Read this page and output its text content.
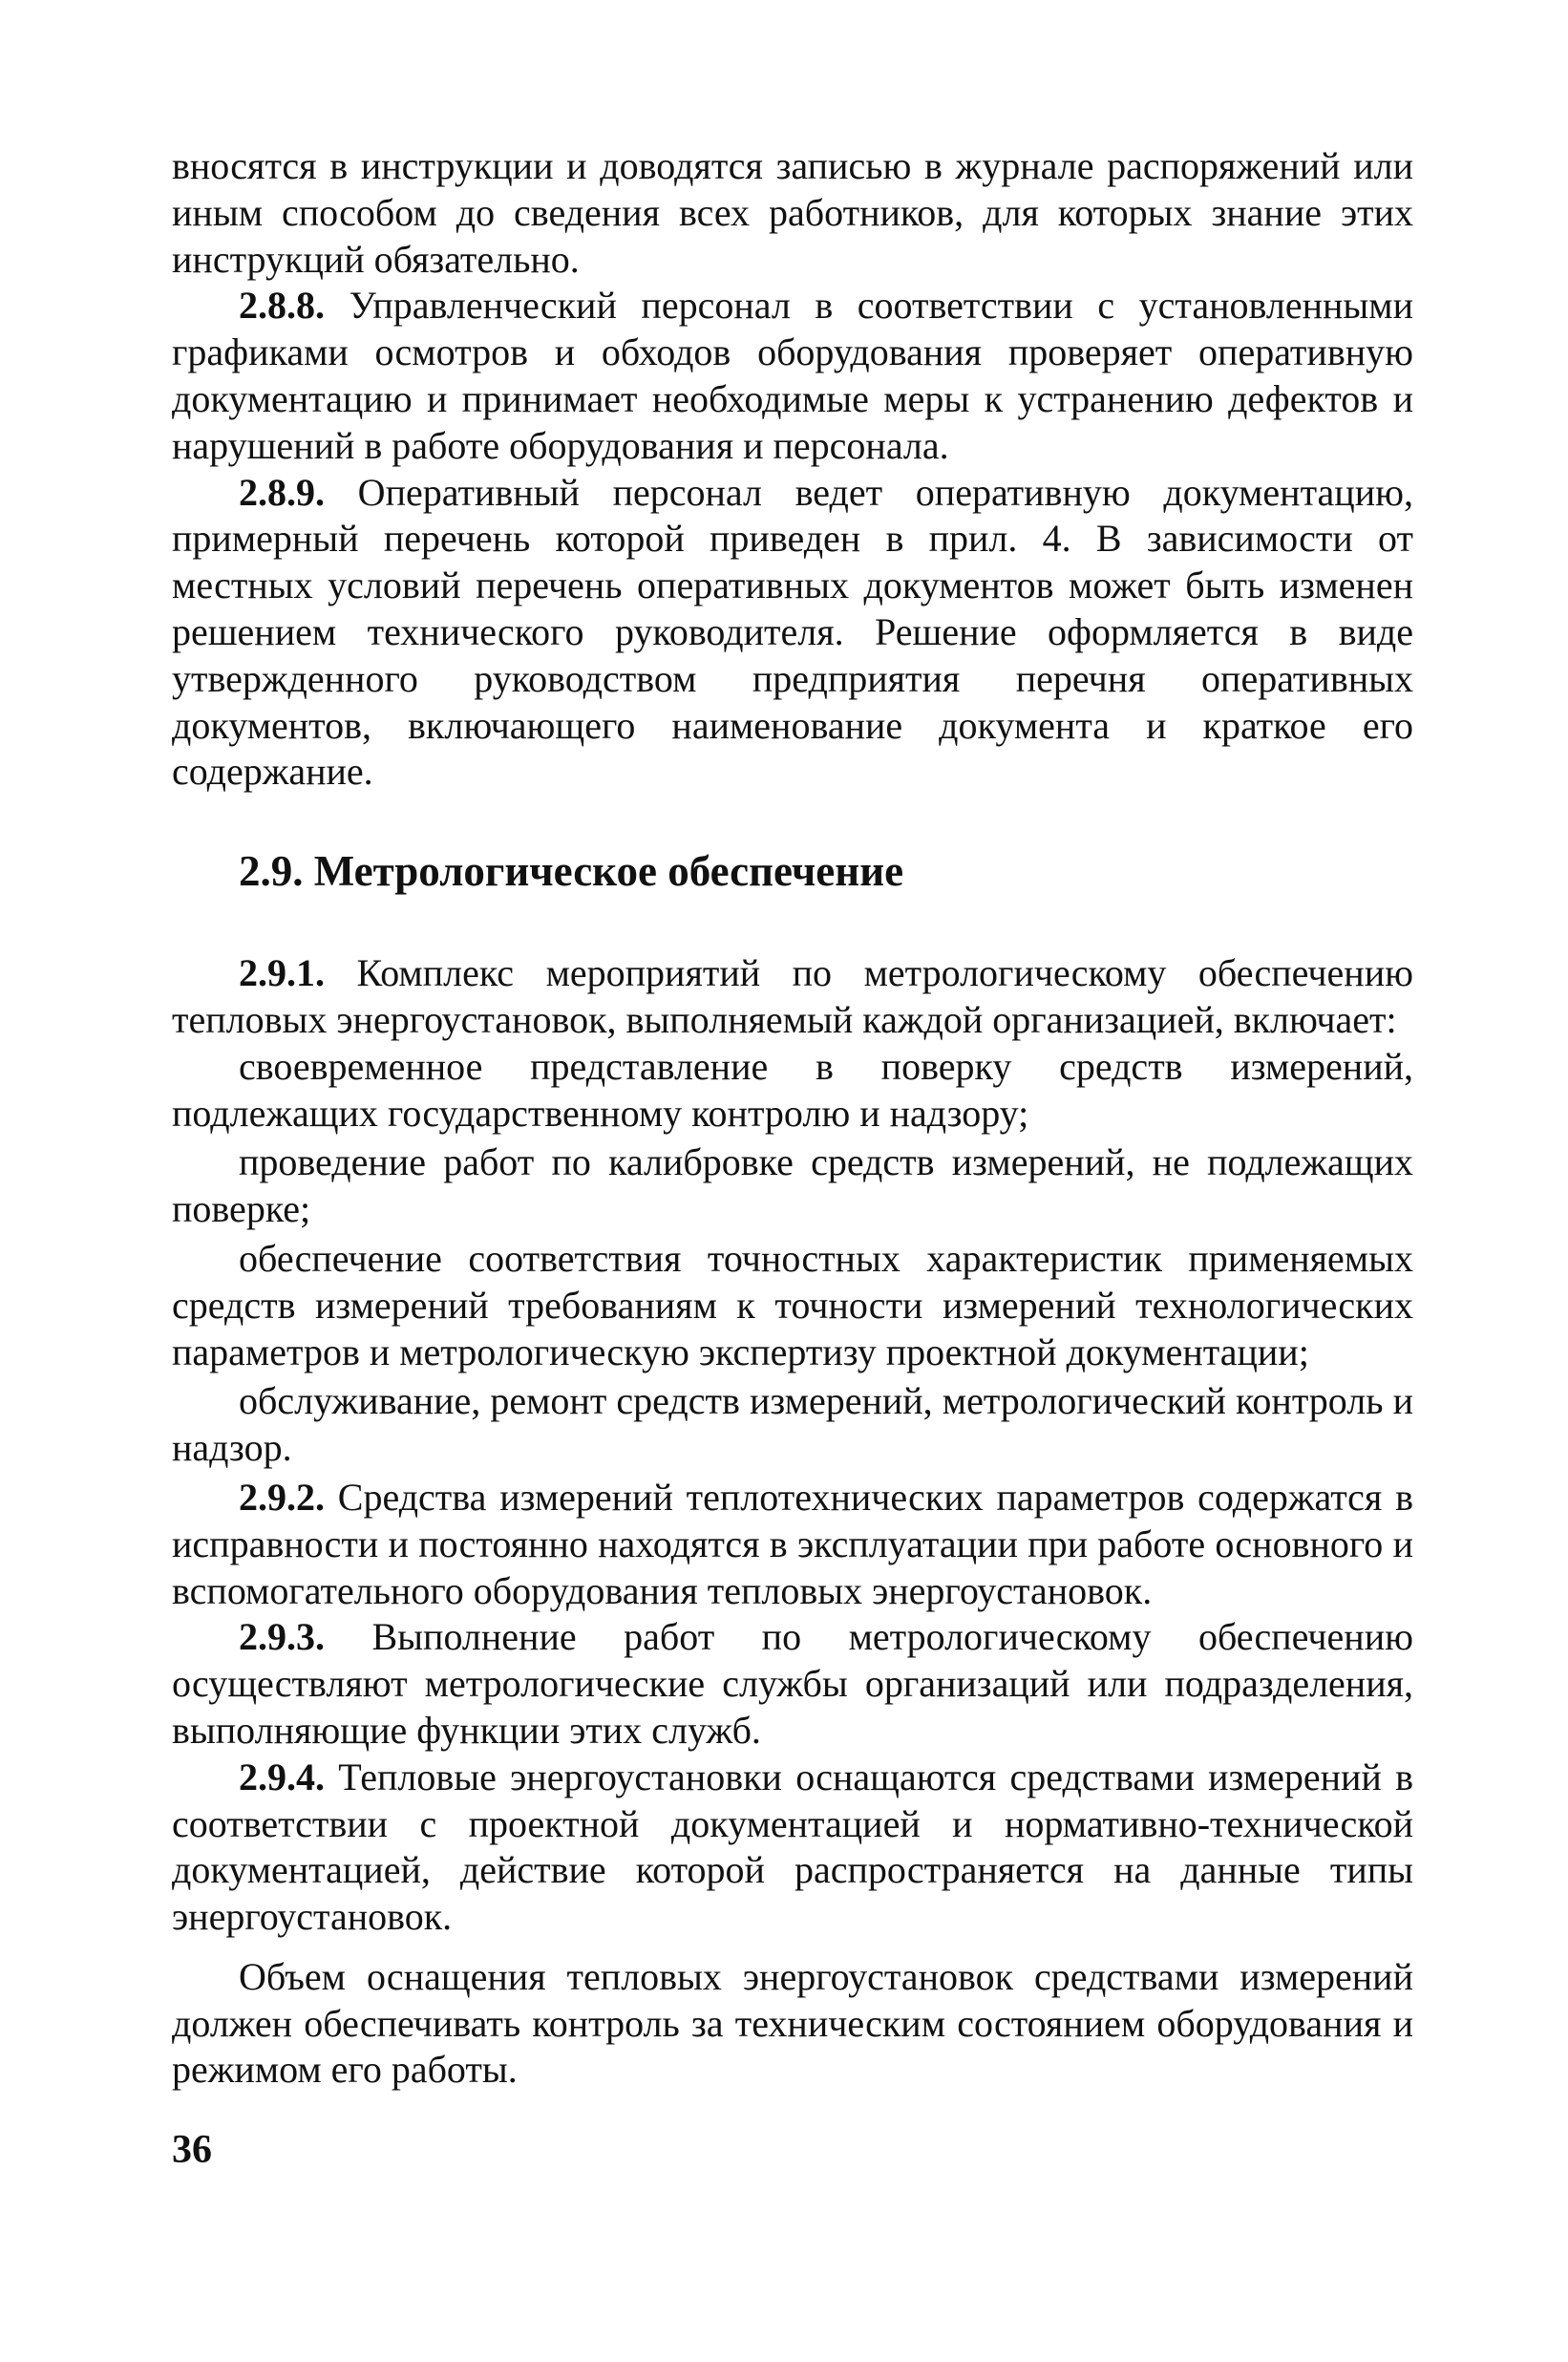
вносятся в инструкции и доводятся записью в журнале распоряжений или иным способом до сведения всех работников, для которых знание этих инструкций обязательно.

2.8.8. Управленческий персонал в соответствии с установленными графиками осмотров и обходов оборудования проверяет оперативную документацию и принимает необходимые меры к устранению дефектов и нарушений в работе оборудования и персонала.

2.8.9. Оперативный персонал ведет оперативную документацию, примерный перечень которой приведен в прил. 4. В зависимости от местных условий перечень оперативных документов может быть изменен решением технического руководителя. Решение оформляется в виде утвержденного руководством предприятия перечня оперативных документов, включающего наименование документа и краткое его содержание.

2.9. Метрологическое обеспечение

2.9.1. Комплекс мероприятий по метрологическому обеспечению тепловых энергоустановок, выполняемый каждой организацией, включает:

своевременное представление в поверку средств измерений, подлежащих государственному контролю и надзору;

проведение работ по калибровке средств измерений, не подлежащих поверке;

обеспечение соответствия точностных характеристик применяемых средств измерений требованиям к точности измерений технологических параметров и метрологическую экспертизу проектной документации;

обслуживание, ремонт средств измерений, метрологический контроль и надзор.

2.9.2. Средства измерений теплотехнических параметров содержатся в исправности и постоянно находятся в эксплуатации при работе основного и вспомогательного оборудования тепловых энергоустановок.

2.9.3. Выполнение работ по метрологическому обеспечению осуществляют метрологические службы организаций или подразделения, выполняющие функции этих служб.

2.9.4. Тепловые энергоустановки оснащаются средствами измерений в соответствии с проектной документацией и нормативно-технической документацией, действие которой распространяется на данные типы энергоустановок.

Объем оснащения тепловых энергоустановок средствами измерений должен обеспечивать контроль за техническим состоянием оборудования и режимом его работы.

36
